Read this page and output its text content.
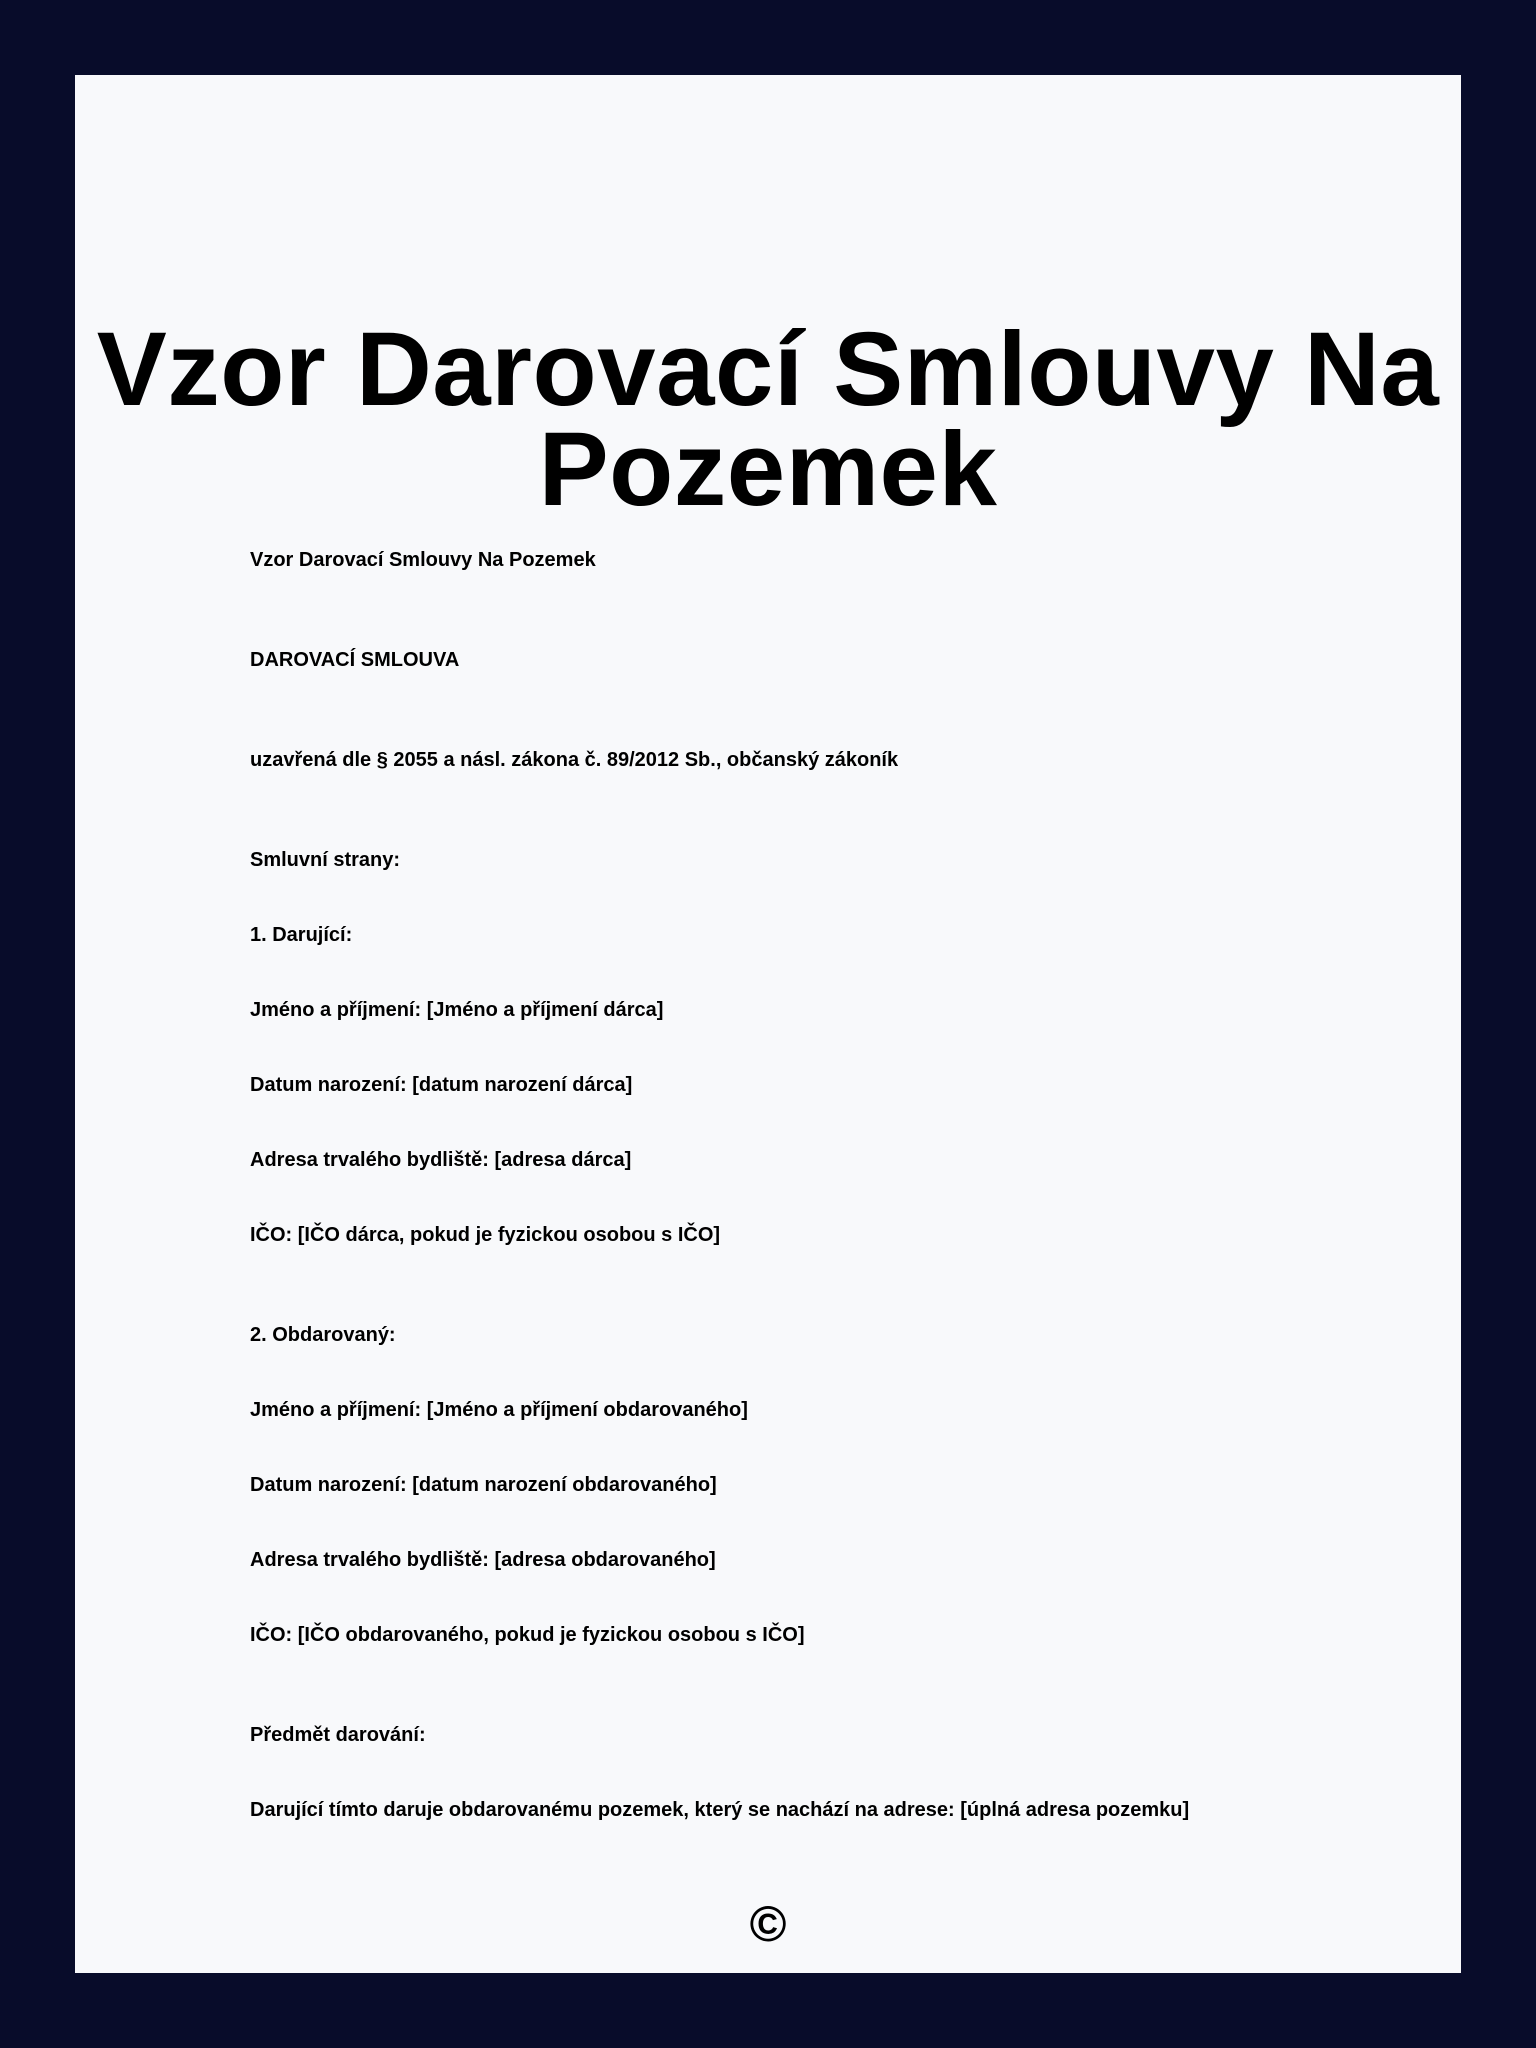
Vzor Darovací Smlouvy Na Pozemek

Vzor Darovací Smlouvy Na Pozemek

DAROVACÍ SMLOUVA

uzavřená dle § 2055 a násl. zákona č. 89/2012 Sb., občanský zákoník

Smluvní strany:

1. Darující:

Jméno a příjmení: [Jméno a příjmení dárca]

Datum narození: [datum narození dárca]

Adresa trvalého bydliště: [adresa dárca]

IČO: [IČO dárca, pokud je fyzickou osobou s IČO]

2. Obdarovaný:

Jméno a příjmení: [Jméno a příjmení obdarovaného]

Datum narození: [datum narození obdarovaného]

Adresa trvalého bydliště: [adresa obdarovaného]

IČO: [IČO obdarovaného, pokud je fyzickou osobou s IČO]

Předmět darování:

Darující tímto daruje obdarovanému pozemek, který se nachází na adrese: [úplná adresa pozemku]

©
